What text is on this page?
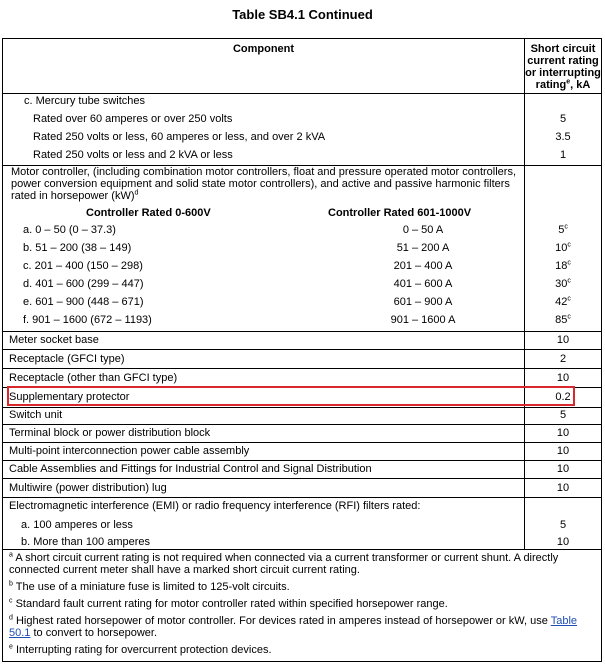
Table SB4.1 Continued
Component	Short circuit
current rating
or interrupting
rating$^e$, kA
c. Mercury tube switches
Rated over 60 amperes or over 250 volts	5
Rated 250 volts or less, 60 amperes or less, and over 2 kVA	3.5
Rated 250 volts or less and 2 kVA or less	1
Motor controller, (including combination motor controllers, float and pressure operated motor controllers, power conversion equipment and solid state motor controllers), and active and passive harmonic filters rated in horsepower (kW)$^d$
Controller Rated 0-600V	Controller Rated 601-1000V
a. 0 – 50 (0 – 37.3)	0 – 50 A	5$^c$
b. 51 – 200 (38 – 149)	51 – 200 A	10$^c$
c. 201 – 400 (150 – 298)	201 – 400 A	18$^c$
d. 401 – 600 (299 – 447)	401 – 600 A	30$^c$
e. 601 – 900 (448 – 671)	601 – 900 A	42$^c$
f. 901 – 1600 (672 – 1193)	901 – 1600 A	85$^c$
Meter socket base	10
Receptacle (GFCI type)	2
Receptacle (other than GFCI type)	10
Supplementary protector	0.2
Switch unit	5
Terminal block or power distribution block	10
Multi-point interconnection power cable assembly	10
Cable Assemblies and Fittings for Industrial Control and Signal Distribution	10
Multiwire (power distribution) lug	10
Electromagnetic interference (EMI) or radio frequency interference (RFI) filters rated:
a. 100 amperes or less	5
b. More than 100 amperes	10
$^a$ A short circuit current rating is not required when connected via a current transformer or current shunt. A directly connected current meter shall have a marked short circuit current rating.
$^b$ The use of a miniature fuse is limited to 125-volt circuits.
$^c$ Standard fault current rating for motor controller rated within specified horsepower range.
$^d$ Highest rated horsepower of motor controller. For devices rated in amperes instead of horsepower or kW, use Table 50.1 to convert to horsepower.
$^e$ Interrupting rating for overcurrent protection devices.
